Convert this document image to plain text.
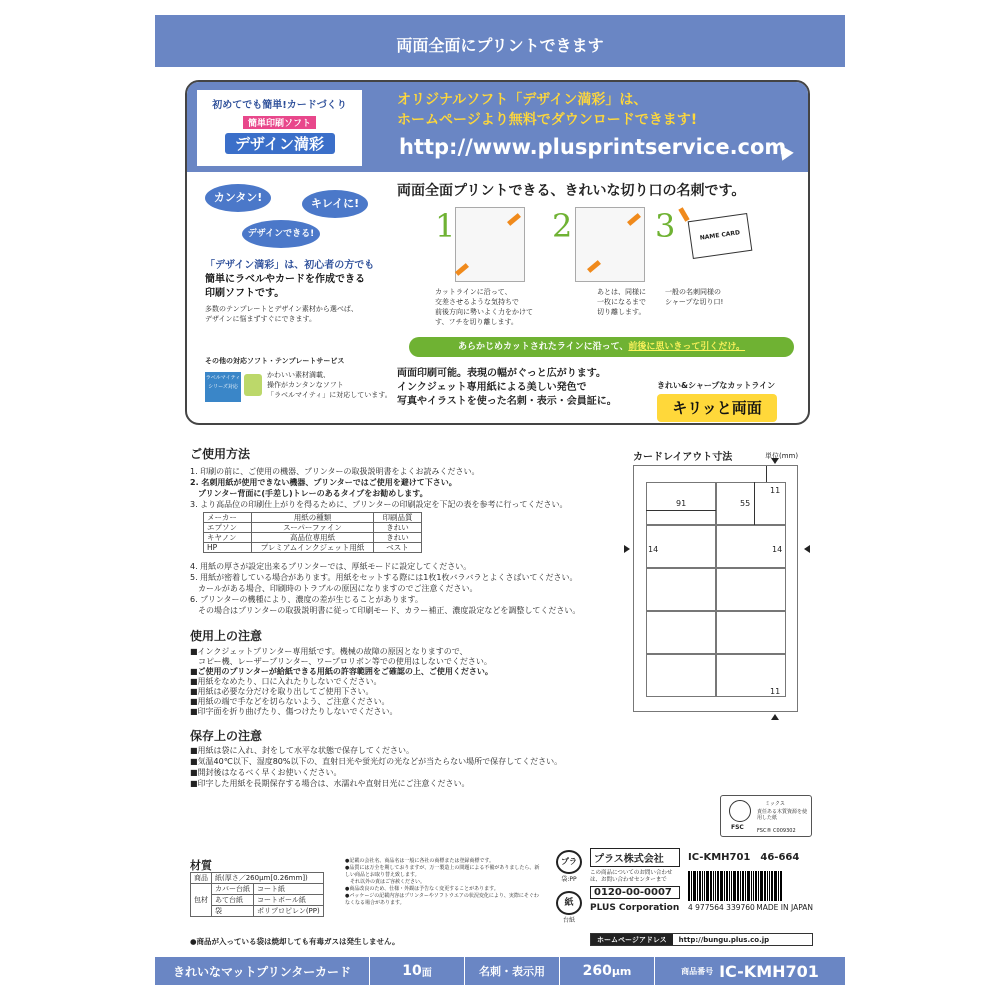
両面全面にプリントできます
初めてでも簡単!カードづくり
簡単印刷ソフト
デザイン満彩
オリジナルソフト「デザイン満彩」は、
ホームページより無料でダウンロードできます!
http://www.plusprintservice.com
カンタン!	キレイに!
デザインできる!
「デザイン満彩」は、初心者の方でも
簡単にラベルやカードを作成できる
印刷ソフトです。
多数のテンプレートとデザイン素材から選べば、
デザインに悩まずすぐにできます。
その他の対応ソフト・テンプレートサービス
ラベルマイティ シリーズ対応
かわいい素材満載、
操作がカンタンなソフト
「ラベルマイティ」に対応しています。
両面全面プリントできる、きれいな切り口の名刺です。
1
カットラインに沿って、
交差させるような気持ちで
前後方向に勢いよく力をかけて
す、フチを切り離します。
2
あとは、同様に
一枚になるまで
切り離します。
3	NAME CARD
一般の名刺同様の
シャープな切り口!
あらかじめカットされたラインに沿って、前後に思いきって引くだけ。
両面印刷可能。表現の幅がぐっと広がります。
インクジェット専用紙による美しい発色で
写真やイラストを使った名刺・表示・会員証に。
きれい&シャープなカットライン
キリッと両面
ご使用方法
1. 印刷の前に、ご使用の機器、プリンターの取扱説明書をよくお読みください。
2. 名刺用紙が使用できない機器、プリンターではご使用を避けて下さい。
　プリンター背面に(手差し)トレーのあるタイプをお勧めします。
3. より高品位の印刷仕上がりを得るために、プリンターの印刷設定を下記の表を参考に行ってください。
メーカー	用紙の種類	印刷品質
エプソン	スーパーファイン	きれい
キヤノン	高品位専用紙	きれい
HP	プレミアムインクジェット用紙	ベスト
4. 用紙の厚さが設定出来るプリンターでは、厚紙モードに設定してください。
5. 用紙が密着している場合があります。用紙をセットする際には1枚1枚バラバラとよくさばいてください。
　カールがある場合、印刷時のトラブルの原因になりますのでご注意ください。
6. プリンターの機種により、濃度の差が生じることがあります。
　その場合はプリンターの取扱説明書に従って印刷モード、カラー補正、濃度設定などを調整してください。
使用上の注意
■インクジェットプリンター専用紙です。機械の故障の原因となりますので、
　コピー機、レーザープリンター、ワープロリボン等での使用はしないでください。
■ご使用のプリンターが給紙できる用紙の許容範囲をご確認の上、ご使用ください。
■用紙をなめたり、口に入れたりしないでください。
■用紙は必要な分だけを取り出してご使用下さい。
■用紙の端で手などを切らないよう、ご注意ください。
■印字面を折り曲げたり、傷つけたりしないでください。
保存上の注意
■用紙は袋に入れ、封をして水平な状態で保存してください。
■気温40℃以下、湿度80%以下の、直射日光や蛍光灯の光などが当たらない場所で保存してください。
■開封後はなるべく早くお使いください。
■印字した用紙を長期保存する場合は、水濡れや直射日光にご注意ください。
カードレイアウト寸法	単位(mm)
91	55
11
11
14	14
FSC
ミックス
責任ある木質資源を使用した紙
FSC® C009302
材質
商品	紙(厚さ／260μm[0.26mm])	
包材	カバー台紙	コート紙
	あて台紙	コートボール紙
	袋	ポリプロピレン(PP)
●商品が入っている袋は焼却しても有毒ガスは発生しません。
●記載の会社名、商品名は一般に各社の商標または登録商標です。
●品質には万全を期しておりますが、万一製造上の問題による不備がありましたら、新しい商品とお取り替え致します。
　それ以外の責はご容赦ください。
●商品改良のため、仕様・外観は予告なく変更することがあります。
●パッケージの記載内容はプリンターやソフトウエアの状況変化により、実際にそぐわなくなる場合があります。
プラ
袋:PP
紙
台紙
プラス株式会社
この商品についてのお問い合わせは、お問い合わせセンターまで
0120-00-0007
PLUS Corporation
IC-KMH701　46-664
4 977564 339760 MADE IN JAPAN
ホームページアドレス	http://bungu.plus.co.jp
きれいなマットプリンターカード	10 面	名刺・表示用	260 μm	商品番号 IC-KMH701
